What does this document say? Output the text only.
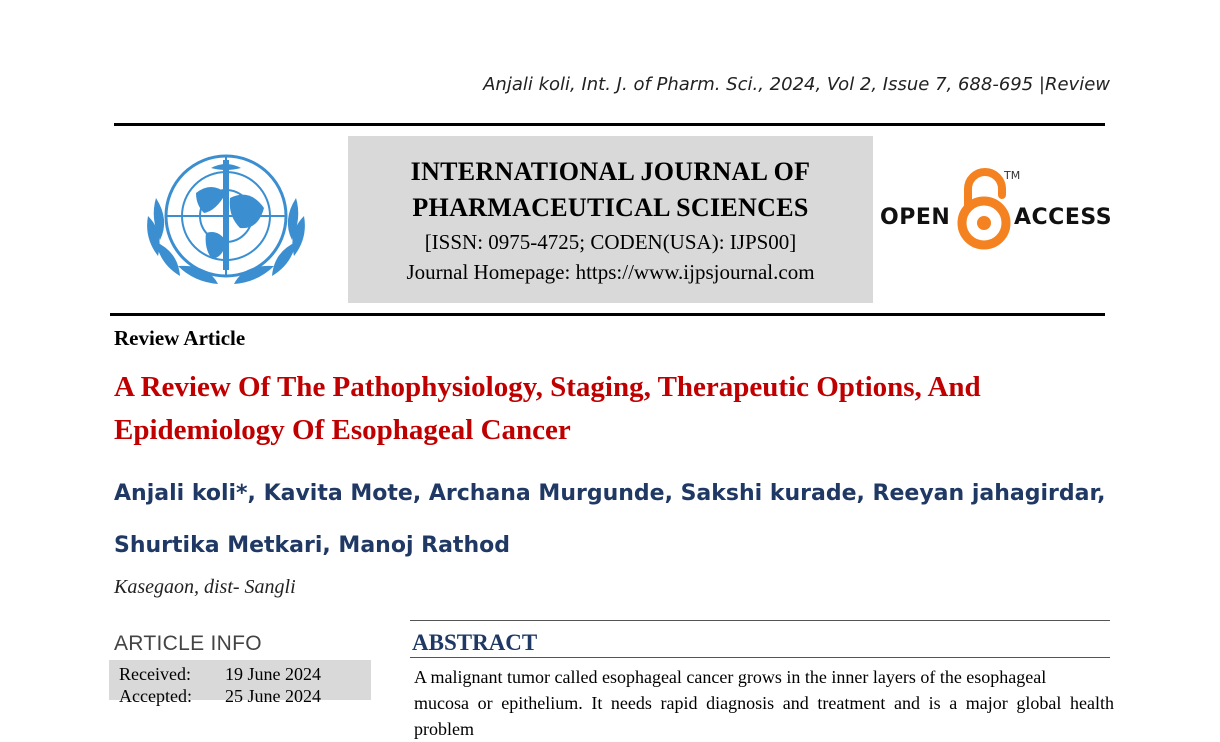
Anjali koli, Int. J. of Pharm. Sci., 2024, Vol 2, Issue 7, 688-695 |Review
INTERNATIONAL JOURNAL OF
PHARMACEUTICAL SCIENCES
[ISSN: 0975-4725; CODEN(USA): IJPS00]
Journal Homepage: https://www.ijpsjournal.com
OPEN
TM
ACCESS
Review Article
A Review Of The Pathophysiology, Staging, Therapeutic Options, And
Epidemiology Of Esophageal Cancer
Anjali koli*, Kavita Mote, Archana Murgunde, Sakshi kurade, Reeyan jahagirdar,
Shurtika Metkari, Manoj Rathod
Kasegaon, dist- Sangli
ARTICLE INFO
Received: 19 June 2024
Accepted: 25 June 2024
ABSTRACT
A malignant tumor called esophageal cancer grows in the inner layers of the esophageal
mucosa or epithelium. It needs rapid diagnosis and treatment and is a major global health problem
